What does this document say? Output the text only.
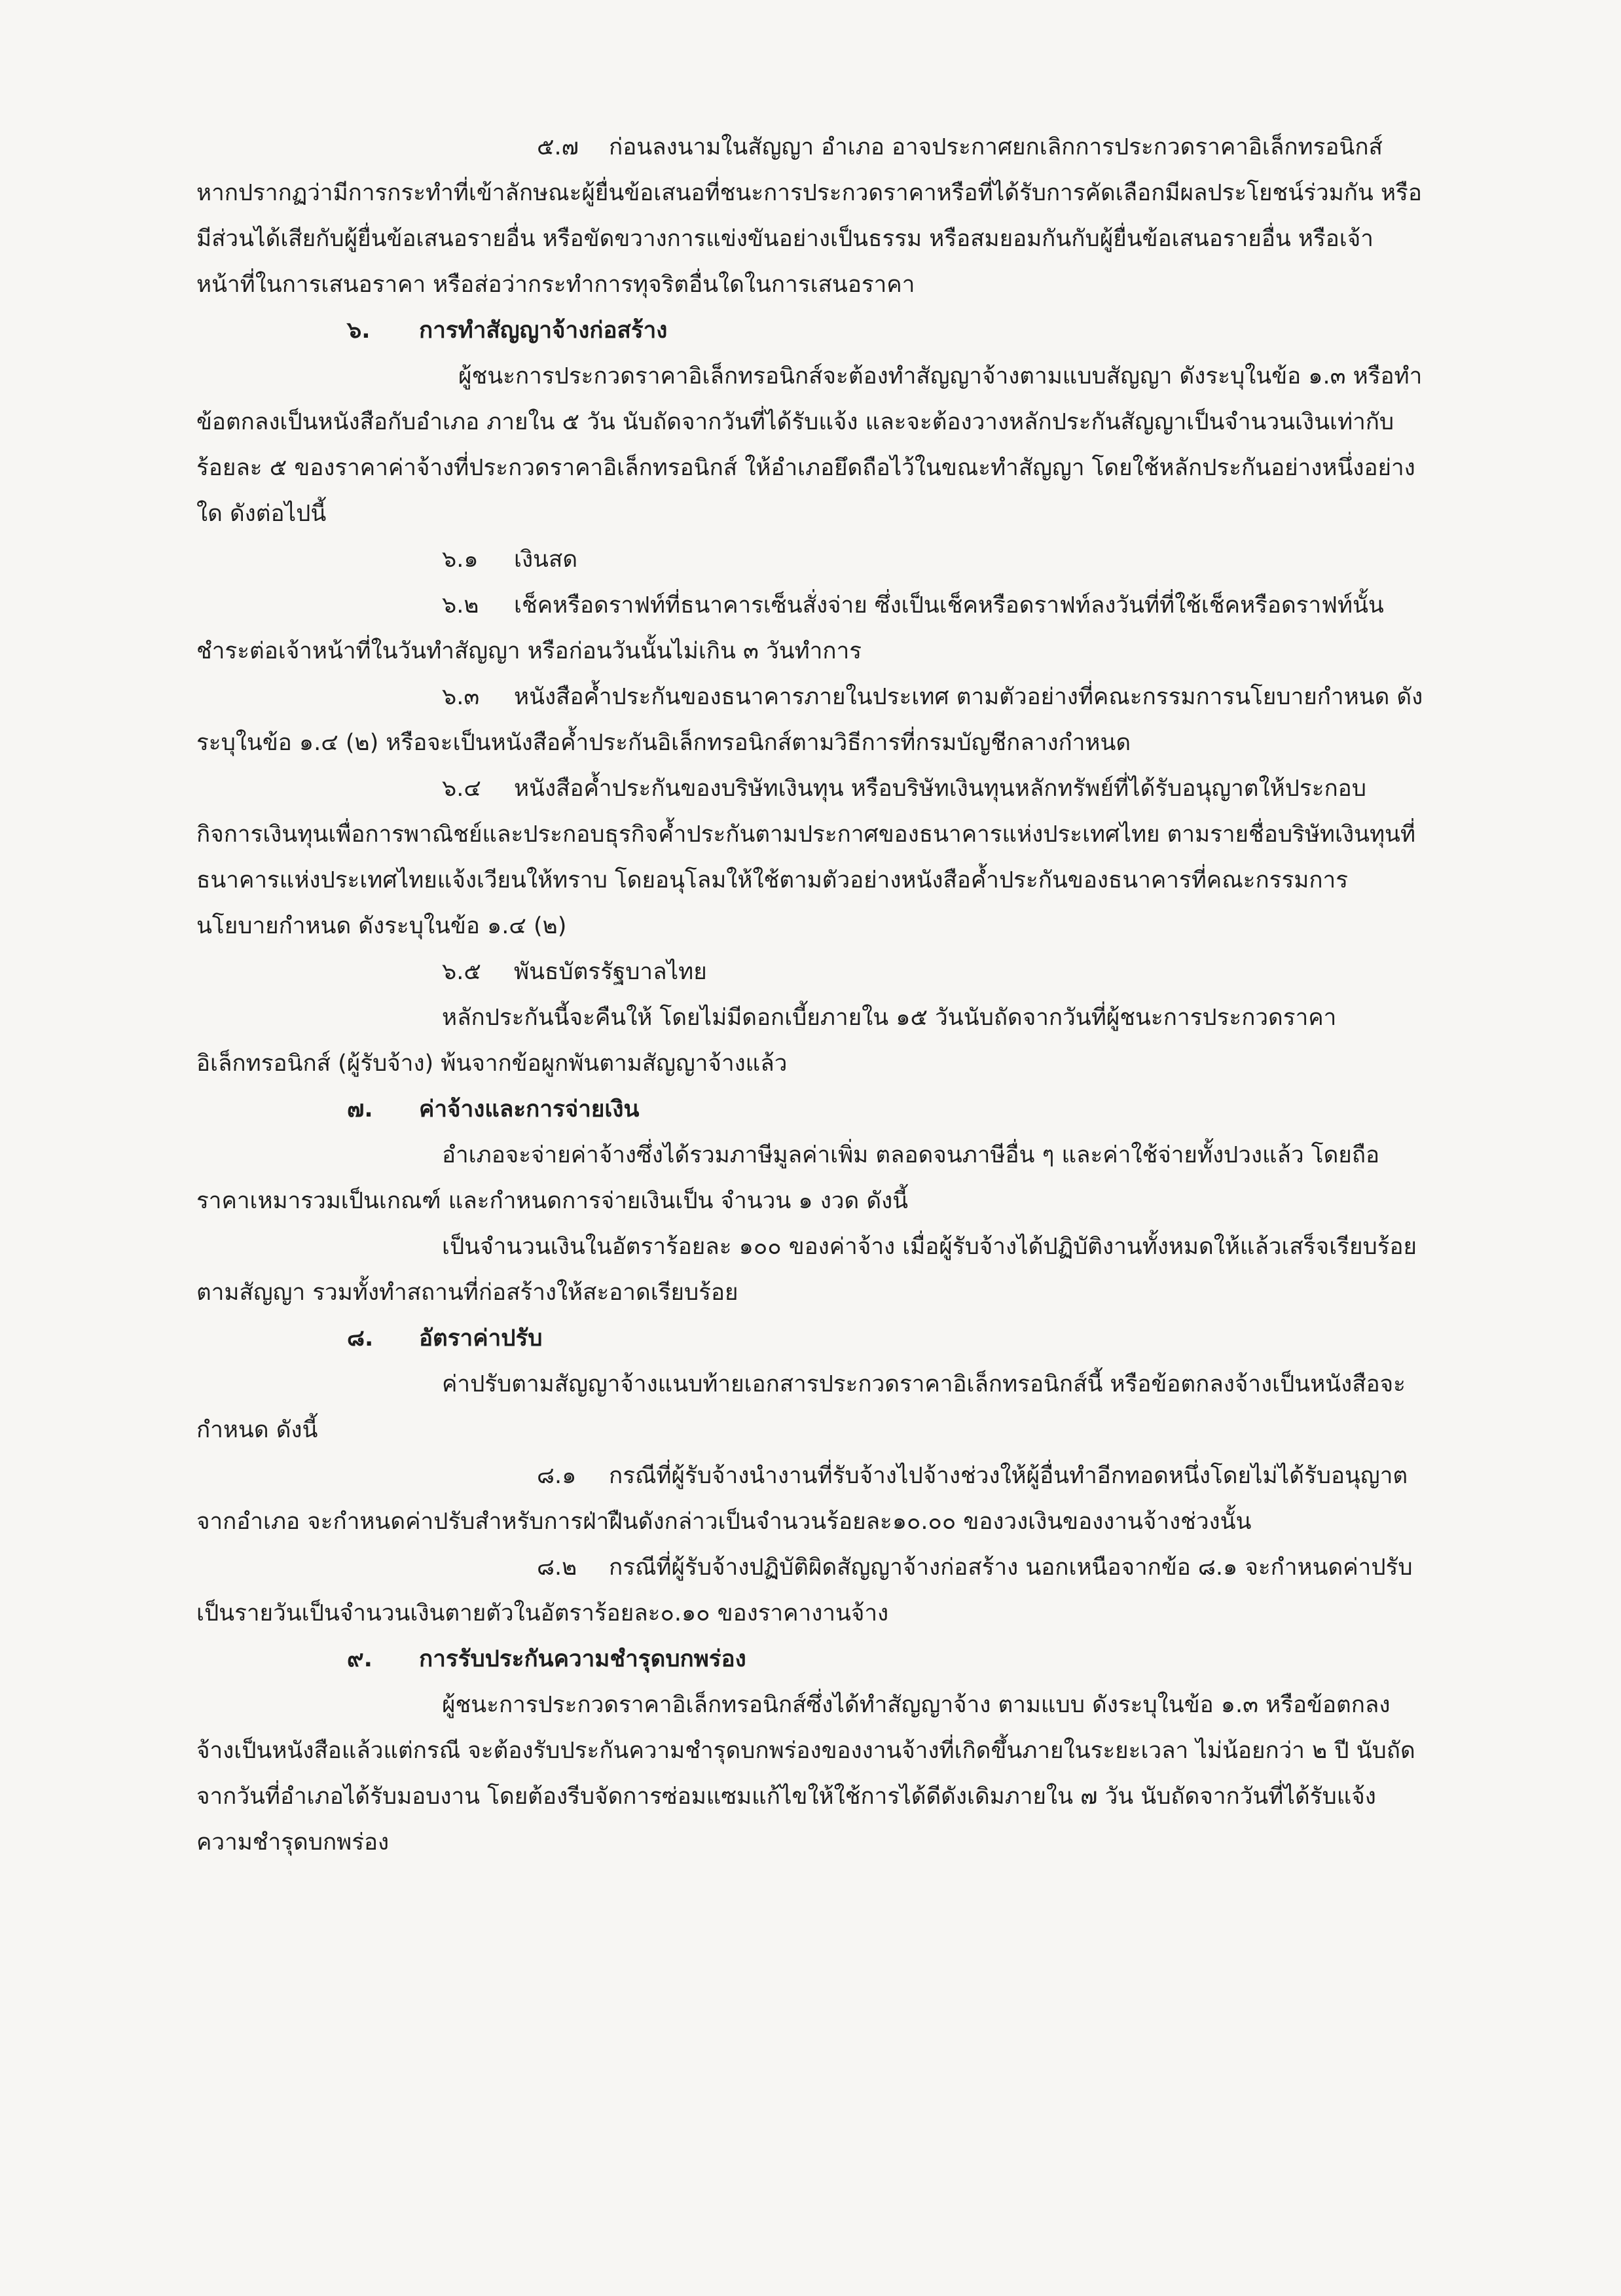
๕.๗ ก่อนลงนามในสัญญา อำเภอ อาจประกาศยกเลิกการประกวดราคาอิเล็กทรอนิกส์ หากปรากฏว่ามีการกระทำที่เข้าลักษณะผู้ยื่นข้อเสนอที่ชนะการประกวดราคาหรือที่ได้รับการคัดเลือกมีผลประโยชน์ร่วมกัน หรือมีส่วนได้เสียกับผู้ยื่นข้อเสนอรายอื่น หรือขัดขวางการแข่งขันอย่างเป็นธรรม หรือสมยอมกันกับผู้ยื่นข้อเสนอรายอื่น หรือเจ้าหน้าที่ในการเสนอราคา หรือส่อว่ากระทำการทุจริตอื่นใดในการเสนอราคา

๖. การทำสัญญาจ้างก่อสร้าง

ผู้ชนะการประกวดราคาอิเล็กทรอนิกส์จะต้องทำสัญญาจ้างตามแบบสัญญา ดังระบุในข้อ ๑.๓ หรือทำข้อตกลงเป็นหนังสือกับอำเภอ ภายใน ๕ วัน นับถัดจากวันที่ได้รับแจ้ง และจะต้องวางหลักประกันสัญญาเป็นจำนวนเงินเท่ากับร้อยละ ๕ ของราคาค่าจ้างที่ประกวดราคาอิเล็กทรอนิกส์ ให้อำเภอยึดถือไว้ในขณะทำสัญญา โดยใช้หลักประกันอย่างหนึ่งอย่างใด ดังต่อไปนี้

๖.๑ เงินสด

๖.๒ เช็คหรือดราฟท์ที่ธนาคารเซ็นสั่งจ่าย ซึ่งเป็นเช็คหรือดราฟท์ลงวันที่ที่ใช้เช็คหรือดราฟท์นั้น ชำระต่อเจ้าหน้าที่ในวันทำสัญญา หรือก่อนวันนั้นไม่เกิน ๓ วันทำการ

๖.๓ หนังสือค้ำประกันของธนาคารภายในประเทศ ตามตัวอย่างที่คณะกรรมการนโยบายกำหนด ดังระบุในข้อ ๑.๔ (๒) หรือจะเป็นหนังสือค้ำประกันอิเล็กทรอนิกส์ตามวิธีการที่กรมบัญชีกลางกำหนด

๖.๔ หนังสือค้ำประกันของบริษัทเงินทุน หรือบริษัทเงินทุนหลักทรัพย์ที่ได้รับอนุญาตให้ประกอบกิจการเงินทุนเพื่อการพาณิชย์และประกอบธุรกิจค้ำประกันตามประกาศของธนาคารแห่งประเทศไทย ตามรายชื่อบริษัทเงินทุนที่ธนาคารแห่งประเทศไทยแจ้งเวียนให้ทราบ โดยอนุโลมให้ใช้ตามตัวอย่างหนังสือค้ำประกันของธนาคารที่คณะกรรมการนโยบายกำหนด ดังระบุในข้อ ๑.๔ (๒)

๖.๕ พันธบัตรรัฐบาลไทย

หลักประกันนี้จะคืนให้ โดยไม่มีดอกเบี้ยภายใน ๑๕ วันนับถัดจากวันที่ผู้ชนะการประกวดราคาอิเล็กทรอนิกส์ (ผู้รับจ้าง) พ้นจากข้อผูกพันตามสัญญาจ้างแล้ว

๗. ค่าจ้างและการจ่ายเงิน

อำเภอจะจ่ายค่าจ้างซึ่งได้รวมภาษีมูลค่าเพิ่ม ตลอดจนภาษีอื่น ๆ และค่าใช้จ่ายทั้งปวงแล้ว โดยถือราคาเหมารวมเป็นเกณฑ์ และกำหนดการจ่ายเงินเป็น จำนวน ๑ งวด ดังนี้

เป็นจำนวนเงินในอัตราร้อยละ ๑๐๐ ของค่าจ้าง เมื่อผู้รับจ้างได้ปฏิบัติงานทั้งหมดให้แล้วเสร็จเรียบร้อยตามสัญญา รวมทั้งทำสถานที่ก่อสร้างให้สะอาดเรียบร้อย

๘. อัตราค่าปรับ

ค่าปรับตามสัญญาจ้างแนบท้ายเอกสารประกวดราคาอิเล็กทรอนิกส์นี้ หรือข้อตกลงจ้างเป็นหนังสือจะกำหนด ดังนี้

๘.๑ กรณีที่ผู้รับจ้างนำงานที่รับจ้างไปจ้างช่วงให้ผู้อื่นทำอีกทอดหนึ่งโดยไม่ได้รับอนุญาตจากอำเภอ จะกำหนดค่าปรับสำหรับการฝ่าฝืนดังกล่าวเป็นจำนวนร้อยละ๑๐.๐๐ ของวงเงินของงานจ้างช่วงนั้น

๘.๒ กรณีที่ผู้รับจ้างปฏิบัติผิดสัญญาจ้างก่อสร้าง นอกเหนือจากข้อ ๘.๑ จะกำหนดค่าปรับเป็นรายวันเป็นจำนวนเงินตายตัวในอัตราร้อยละ๐.๑๐ ของราคางานจ้าง

๙. การรับประกันความชำรุดบกพร่อง

ผู้ชนะการประกวดราคาอิเล็กทรอนิกส์ซึ่งได้ทำสัญญาจ้าง ตามแบบ ดังระบุในข้อ ๑.๓ หรือข้อตกลงจ้างเป็นหนังสือแล้วแต่กรณี จะต้องรับประกันความชำรุดบกพร่องของงานจ้างที่เกิดขึ้นภายในระยะเวลา ไม่น้อยกว่า ๒ ปี นับถัดจากวันที่อำเภอได้รับมอบงาน โดยต้องรีบจัดการซ่อมแซมแก้ไขให้ใช้การได้ดีดังเดิมภายใน ๗ วัน นับถัดจากวันที่ได้รับแจ้งความชำรุดบกพร่อง
